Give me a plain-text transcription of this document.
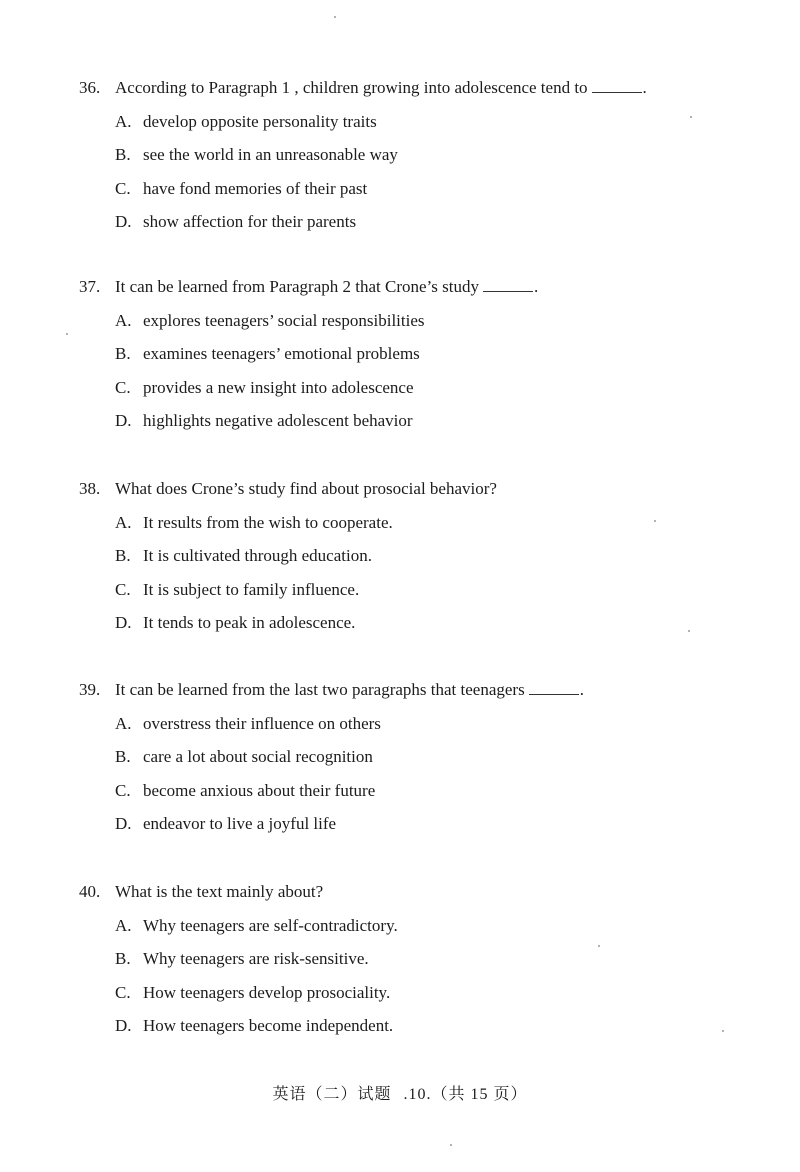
36. According to Paragraph 1 , children growing into adolescence tend to	.
A. develop opposite personality traits
B. see the world in an unreasonable way
C. have fond memories of their past
D. show affection for their parents
37. It can be learned from Paragraph 2 that Crone’s study	.
A. explores teenagers’ social responsibilities
B. examines teenagers’ emotional problems
C. provides a new insight into adolescence
D. highlights negative adolescent behavior
38. What does Crone’s study find about prosocial behavior?
A. It results from the wish to cooperate.
B. It is cultivated through education.
C. It is subject to family influence.
D. It tends to peak in adolescence.
39. It can be learned from the last two paragraphs that teenagers	.
A. overstress their influence on others
B. care a lot about social recognition
C. become anxious about their future
D. endeavor to live a joyful life
40. What is the text mainly about?
A. Why teenagers are self-contradictory.
B. Why teenagers are risk-sensitive.
C. How teenagers develop prosociality.
D. How teenagers become independent.
英语（二）试题 .10.（共 15 页）
